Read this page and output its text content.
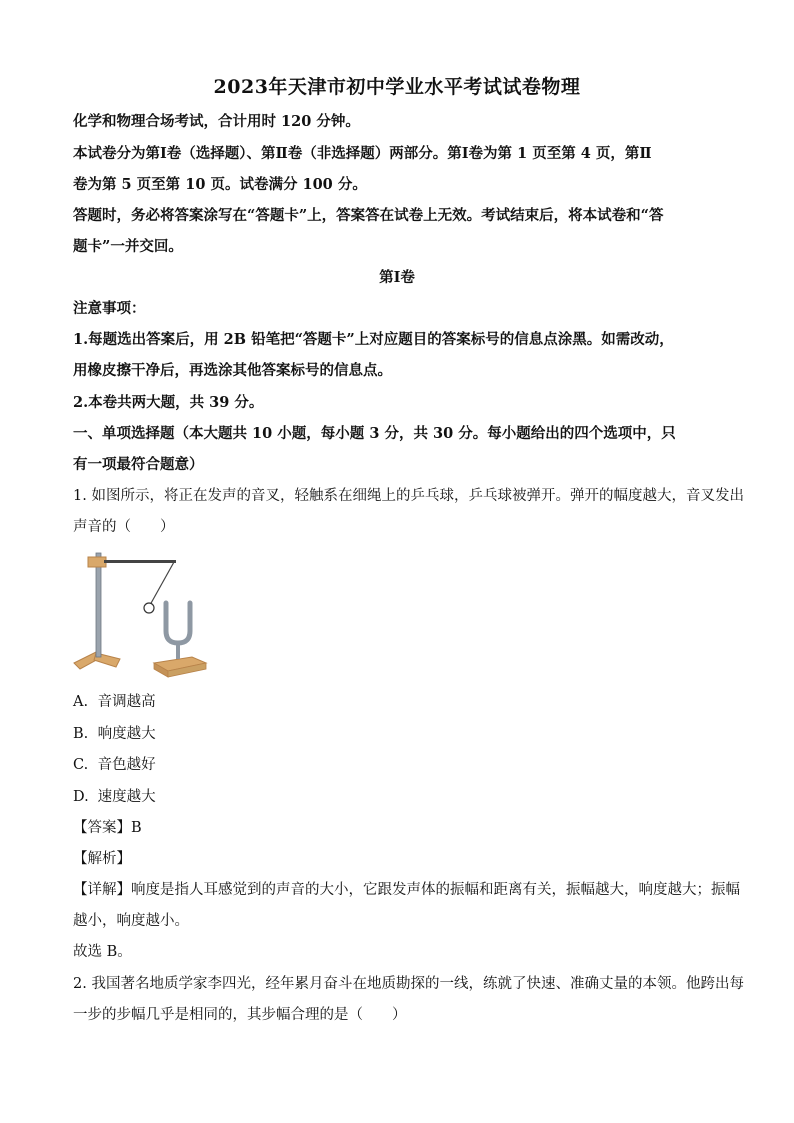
2023年天津市初中学业水平考试试卷物理
化学和物理合场考试，合计用时 120 分钟。
本试卷分为第Ⅰ卷（选择题）、第Ⅱ卷（非选择题）两部分。第Ⅰ卷为第 1 页至第 4 页，第Ⅱ
卷为第 5 页至第 10 页。试卷满分 100 分。
答题时，务必将答案涂写在“答题卡”上，答案答在试卷上无效。考试结束后，将本试卷和“答
题卡”一并交回。
第Ⅰ卷
注意事项：
1.每题选出答案后，用 2B 铅笔把“答题卡”上对应题目的答案标号的信息点涂黑。如需改动，
用橡皮擦干净后，再选涂其他答案标号的信息点。
2.本卷共两大题，共 39 分。
一、单项选择题（本大题共 10 小题，每小题 3 分，共 30 分。每小题给出的四个选项中，只
有一项最符合题意）
1. 如图所示，将正在发声的音叉，轻触系在细绳上的乒乓球，乒乓球被弹开。弹开的幅度越大，音叉发出
声音的（　　）
A. 音调越高
B. 响度越大
C. 音色越好
D. 速度越大
【答案】B
【解析】
【详解】响度是指人耳感觉到的声音的大小，它跟发声体的振幅和距离有关，振幅越大，响度越大；振幅
越小，响度越小。
故选 B。
2. 我国著名地质学家李四光，经年累月奋斗在地质勘探的一线，练就了快速、准确丈量的本领。他跨出每
一步的步幅几乎是相同的，其步幅合理的是（　　）
